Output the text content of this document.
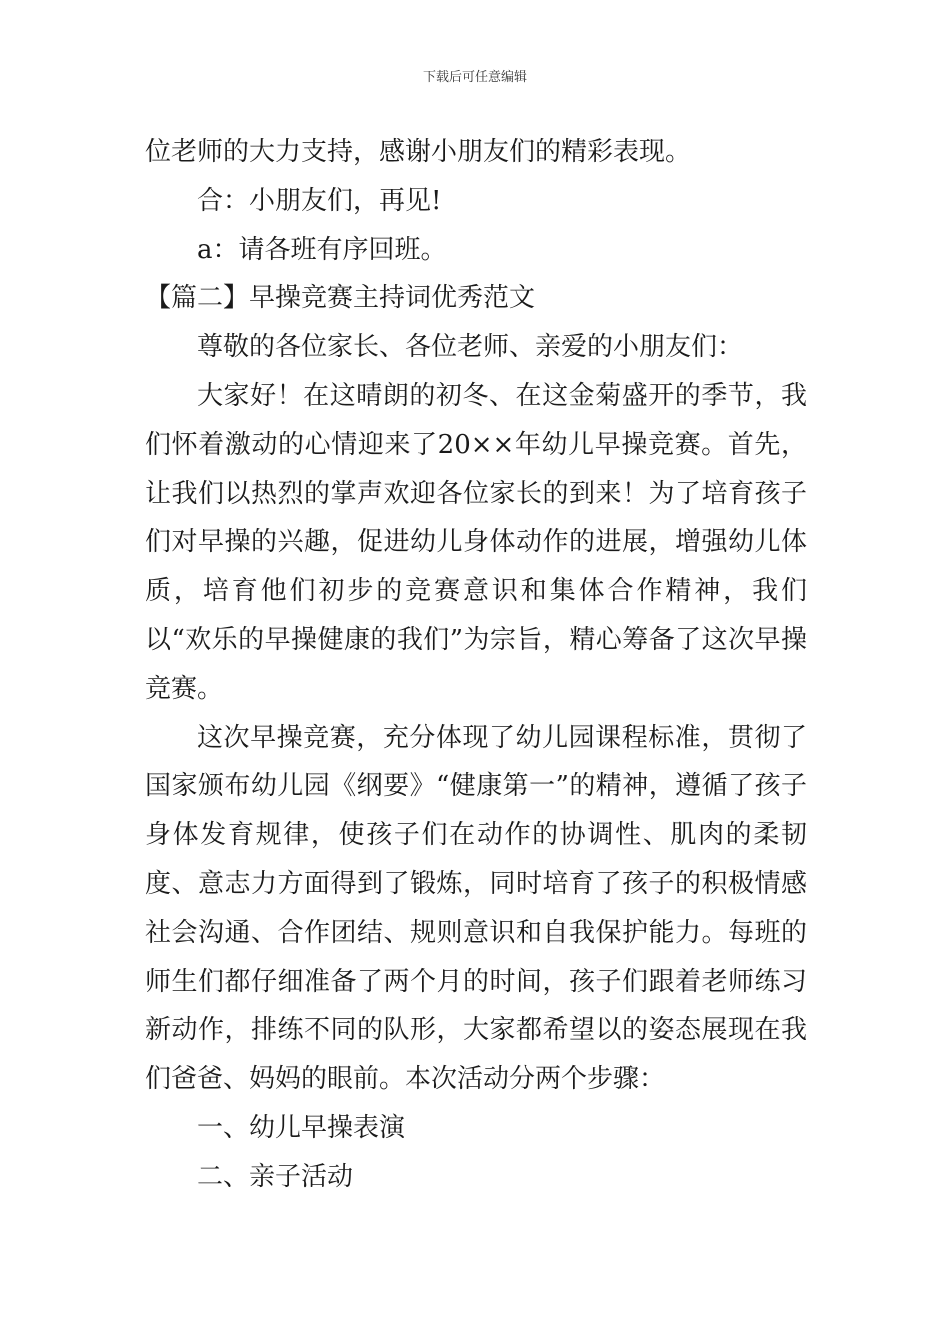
下载后可任意编辑

位老师的大力支持，感谢小朋友们的精彩表现。

合：小朋友们，再见!

a：请各班有序回班。

【篇二】早操竞赛主持词优秀范文

尊敬的各位家长、各位老师、亲爱的小朋友们：

大家好！在这晴朗的初冬、在这金菊盛开的季节，我们怀着激动的心情迎来了20××年幼儿早操竞赛。首先，让我们以热烈的掌声欢迎各位家长的到来！为了培育孩子们对早操的兴趣，促进幼儿身体动作的进展，增强幼儿体质，培育他们初步的竞赛意识和集体合作精神，我们以“欢乐的早操健康的我们”为宗旨，精心筹备了这次早操竞赛。

这次早操竞赛，充分体现了幼儿园课程标准，贯彻了国家颁布幼儿园《纲要》“健康第一”的精神，遵循了孩子身体发育规律，使孩子们在动作的协调性、肌肉的柔韧度、意志力方面得到了锻炼，同时培育了孩子的积极情感社会沟通、合作团结、规则意识和自我保护能力。每班的师生们都仔细准备了两个月的时间，孩子们跟着老师练习新动作，排练不同的队形，大家都希望以的姿态展现在我们爸爸、妈妈的眼前。本次活动分两个步骤：

一、幼儿早操表演

二、亲子活动
